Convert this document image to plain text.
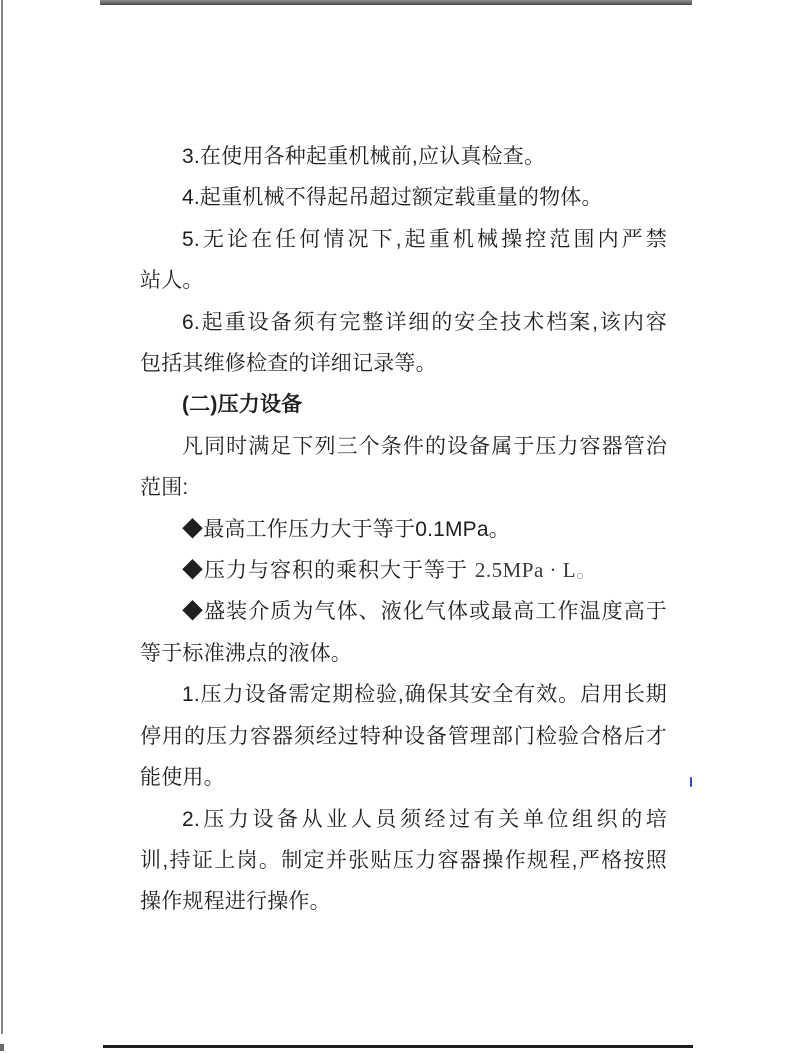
3.在使用各种起重机械前,应认真检查。
4.起重机械不得起吊超过额定载重量的物体。
5.无论在任何情况下,起重机械操控范围内严禁
站人。
6.起重设备须有完整详细的安全技术档案,该内容
包括其维修检查的详细记录等。
(二)压力设备
凡同时满足下列三个条件的设备属于压力容器管治
范围:
◆最高工作压力大于等于0.1MPa。
◆压力与容积的乘积大于等于 2.5MPa · L。
◆盛装介质为气体、液化气体或最高工作温度高于
等于标准沸点的液体。
1.压力设备需定期检验,确保其安全有效。启用长期
停用的压力容器须经过特种设备管理部门检验合格后才
能使用。
2.压力设备从业人员须经过有关单位组织的培
训,持证上岗。制定并张贴压力容器操作规程,严格按照
操作规程进行操作。
